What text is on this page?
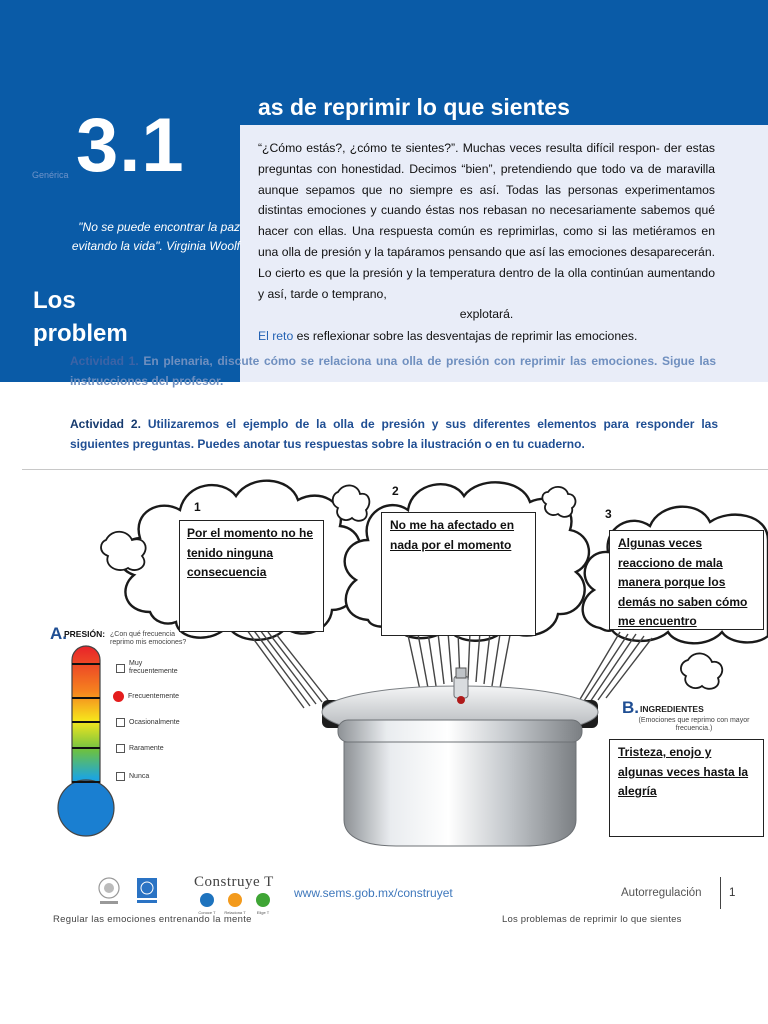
Genérica 3.1
"No se puede encontrar la paz evitando la vida". Virginia Woolf
Los
problem
as de reprimir lo que sientes
“¿Cómo estás?, ¿cómo te sientes?”. Muchas veces resulta difícil respon- der estas preguntas con honestidad. Decimos “bien”, pretendiendo que todo va de maravilla aunque sepamos que no siempre es así. Todas las personas experimentamos distintas emociones y cuando éstas nos rebasan no necesariamente sabemos qué hacer con ellas. Una respuesta común es reprimirlas, como si las metiéramos en una olla de presión y la tapáramos pensando que así las emociones desaparecerán. Lo cierto es que la presión y la temperatura dentro de la olla continúan aumentando y así, tarde o temprano,
explotará.
El reto es reflexionar sobre las desventajas de reprimir las emociones.
Actividad 1. En plenaria, discute cómo se relaciona una olla de presión con reprimir las emociones. Sigue las instrucciones del profesor.
Actividad 2. Utilizaremos el ejemplo de la olla de presión y sus diferentes elementos para responder las siguientes preguntas. Puedes anotar tus respuestas sobre la ilustración o en tu cuaderno.
1
2
3
Por el momento no he tenido ninguna consecuencia
No me ha afectado en nada por el momento	Algunas veces reacciono de mala manera porque los demás no saben cómo me encuentro
Tristeza, enojo y algunas veces hasta la alegría
A.
PRESIÓN: ¿Con qué frecuencia reprimo mis emociones?
Muy frecuentemente
Frecuentemente
Ocasionalmente
Raramente
Nunca
B. INGREDIENTES
(Emociones que reprimo con mayor frecuencia.)
Construye T
Conoce T Relaciona T	Elige T
www.sems.gob.mx/construyet	Autorregulación 1
Regular las emociones entrenando la mente	Los problemas de reprimir lo que sientes
